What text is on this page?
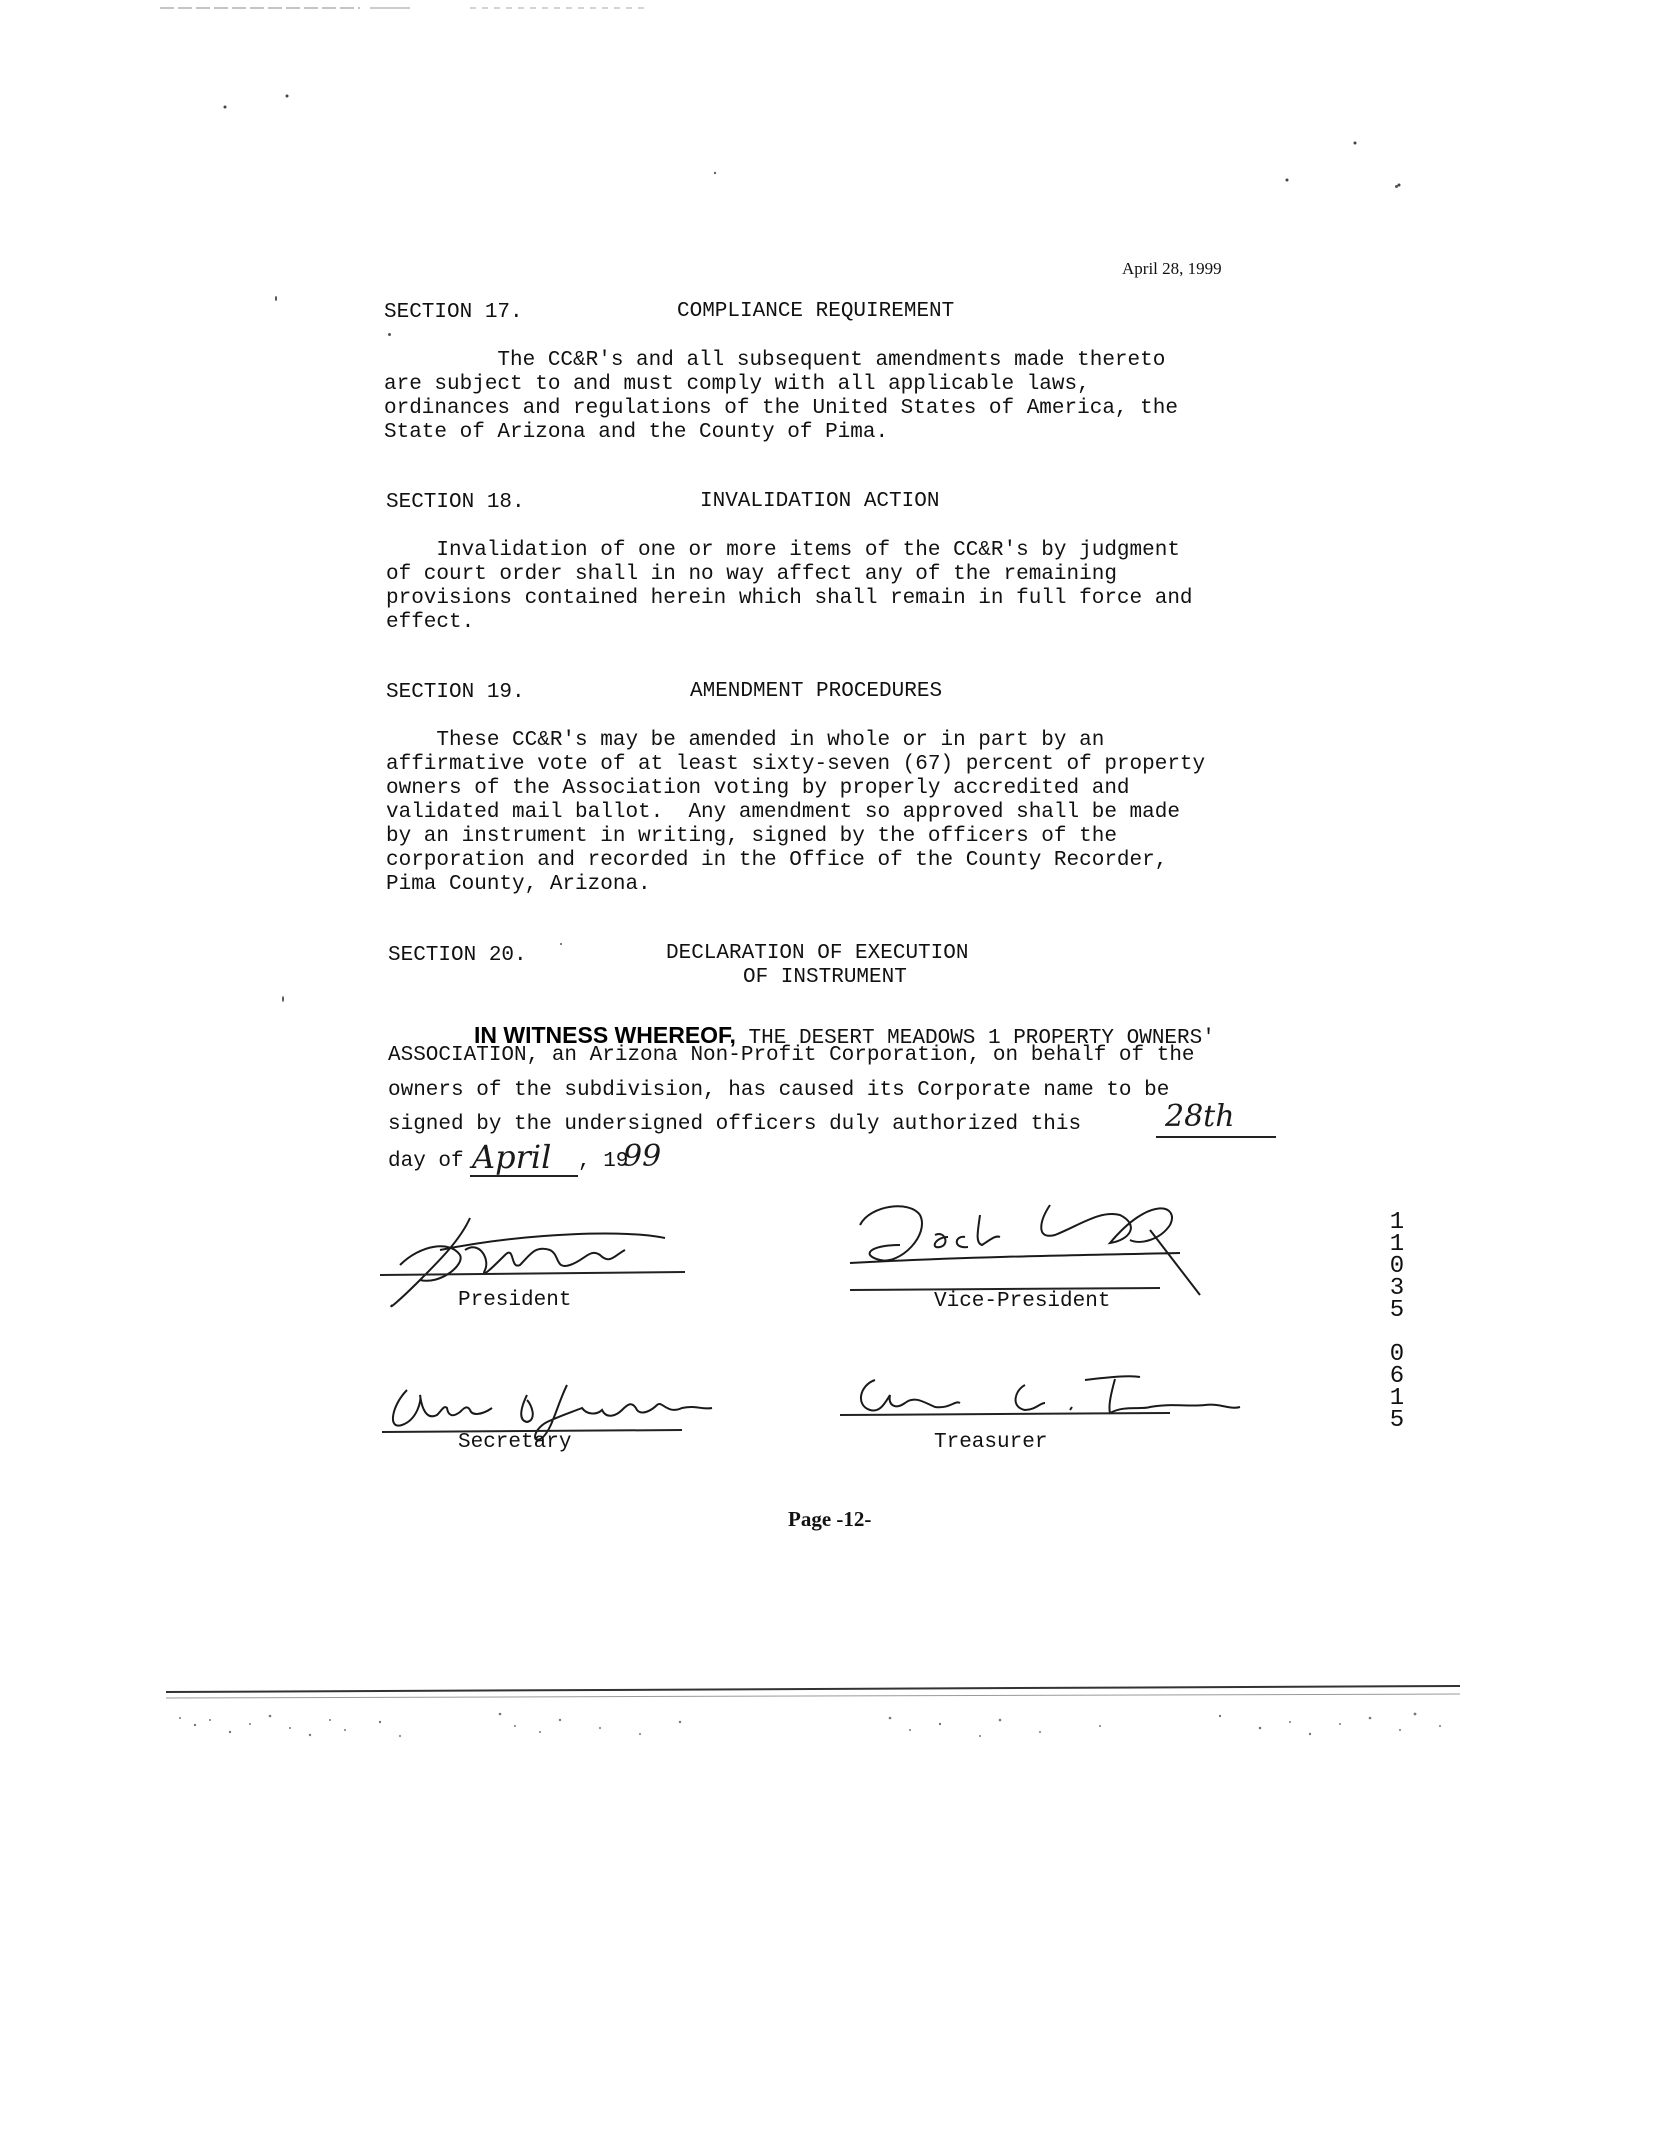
April 28, 1999
SECTION 17.	COMPLIANCE REQUIREMENT
The CC&R's and all subsequent amendments made thereto
are subject to and must comply with all applicable laws,
ordinances and regulations of the United States of America, the
State of Arizona and the County of Pima.
SECTION 18.	INVALIDATION ACTION
Invalidation of one or more items of the CC&R's by judgment
of court order shall in no way affect any of the remaining
provisions contained herein which shall remain in full force and
effect.
SECTION 19.	AMENDMENT PROCEDURES
These CC&R's may be amended in whole or in part by an
affirmative vote of at least sixty-seven (67) percent of property
owners of the Association voting by properly accredited and
validated mail ballot.  Any amendment so approved shall be made
by an instrument in writing, signed by the officers of the
corporation and recorded in the Office of the County Recorder,
Pima County, Arizona.
SECTION 20.	DECLARATION OF EXECUTION
OF INSTRUMENT

IN WITNESS WHEREOF, THE DESERT MEADOWS 1 PROPERTY OWNERS'

ASSOCIATION, an Arizona Non-Profit Corporation, on behalf of the
owners of the subdivision, has caused its Corporate name to be
signed by the undersigned officers duly authorized this	28th
day of April , 19
99
President	Vice-President
Secretary	Treasurer
1
1
0
3
5
0
6
1
5
Page -12-
